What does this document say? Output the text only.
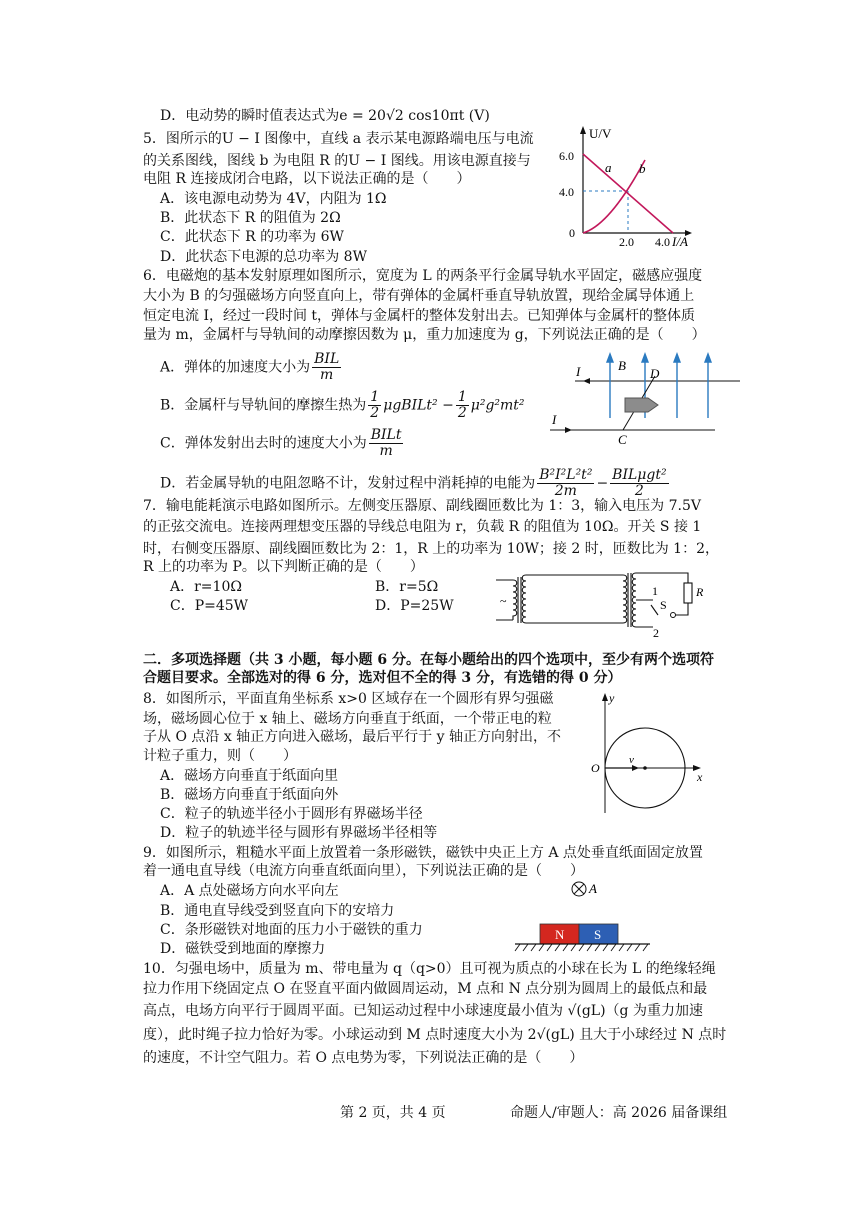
D．电动势的瞬时值表达式为e = 20√2 cos10πt (V)
5．图所示的U − I 图像中，直线 a 表示某电源路端电压与电流
的关系图线，图线 b 为电阻 R 的U − I 图线。用该电源直接与
电阻 R 连接成闭合电路，以下说法正确的是（　　）
A．该电源电动势为 4V，内阻为 1Ω
B．此状态下 R 的阻值为 2Ω
C．此状态下 R 的功率为 6W
D．此状态下电源的总功率为 8W
U/V
I/A
6.0
4.0
0
2.0 4.0
a b
6．电磁炮的基本发射原理如图所示，宽度为 L 的两条平行金属导轨水平固定，磁感应强度
大小为 B 的匀强磁场方向竖直向上，带有弹体的金属杆垂直导轨放置，现给金属导体通上
恒定电流 I，经过一段时间 t，弹体与金属杆的整体发射出去。已知弹体与金属杆的整体质
量为 m，金属杆与导轨间的动摩擦因数为 μ，重力加速度为 g，下列说法正确的是（　　）
A．弹体的加速度大小为 $\frac{\text{BIL}}{m}$
B．金属杆与导轨间的摩擦生热为 $\frac{1}{2}$ μgBILt² − $\frac{1}{2} \mu^2g^2mt^2$
C．弹体发射出去时的速度大小为 $\frac{\text{BILt}}{m}$
D．若金属导轨的电阻忽略不计，发射过程中消耗掉的电能为 $\frac{\text{B²I²L²t²}}{2m} - \frac{\text{BILμgt²}}{2}$
I
I
B
D
C
7．输电能耗演示电路如图所示。左侧变压器原、副线圈匝数比为 1：3，输入电压为 7.5V
的正弦交流电。连接两理想变压器的导线总电阻为 r，负载 R 的阻值为 10Ω。开关 S 接 1
时，右侧变压器原、副线圈匝数比为 2：1，R 上的功率为 10W；接 2 时，匝数比为 1：2，
R 上的功率为 P。以下判断正确的是（　　）
A．r=10Ω	B．r=5Ω
C．P=45W	D．P=25W	~
1
2
S
R
二．多项选择题（共 3 小题，每小题 6 分。在每小题给出的四个选项中，至少有两个选项符
合题目要求。全部选对的得 6 分，选对但不全的得 3 分，有选错的得 0 分）
8．如图所示，平面直角坐标系 x>0 区域存在一个圆形有界匀强磁
场，磁场圆心位于 x 轴上、磁场方向垂直于纸面，一个带正电的粒
子从 O 点沿 x 轴正方向进入磁场，最后平行于 y 轴正方向射出，不
计粒子重力，则（　　）
A．磁场方向垂直于纸面向里
B．磁场方向垂直于纸面向外
C．粒子的轨迹半径小于圆形有界磁场半径
D．粒子的轨迹半径与圆形有界磁场半径相等
y
x
O
v
9．如图所示，粗糙水平面上放置着一条形磁铁，磁铁中央正上方 A 点处垂直纸面固定放置
着一通电直导线（电流方向垂直纸面向里），下列说法正确的是（　　）
A．A 点处磁场方向水平向左
B．通电直导线受到竖直向下的安培力
C．条形磁铁对地面的压力小于磁铁的重力
D．磁铁受到地面的摩擦力
A
N S
10．匀强电场中，质量为 m、带电量为 q（q>0）且可视为质点的小球在长为 L 的绝缘轻绳
拉力作用下绕固定点 O 在竖直平面内做圆周运动，M 点和 N 点分别为圆周上的最低点和最
高点，电场方向平行于圆周平面。已知运动过程中小球速度最小值为 √(gL)（g 为重力加速
度），此时绳子拉力恰好为零。小球运动到 M 点时速度大小为 2√(gL) 且大于小球经过 N 点时
的速度，不计空气阻力。若 O 点电势为零，下列说法正确的是（　　）
第 2 页，共 4 页	命题人/审题人：高 2026 届备课组
